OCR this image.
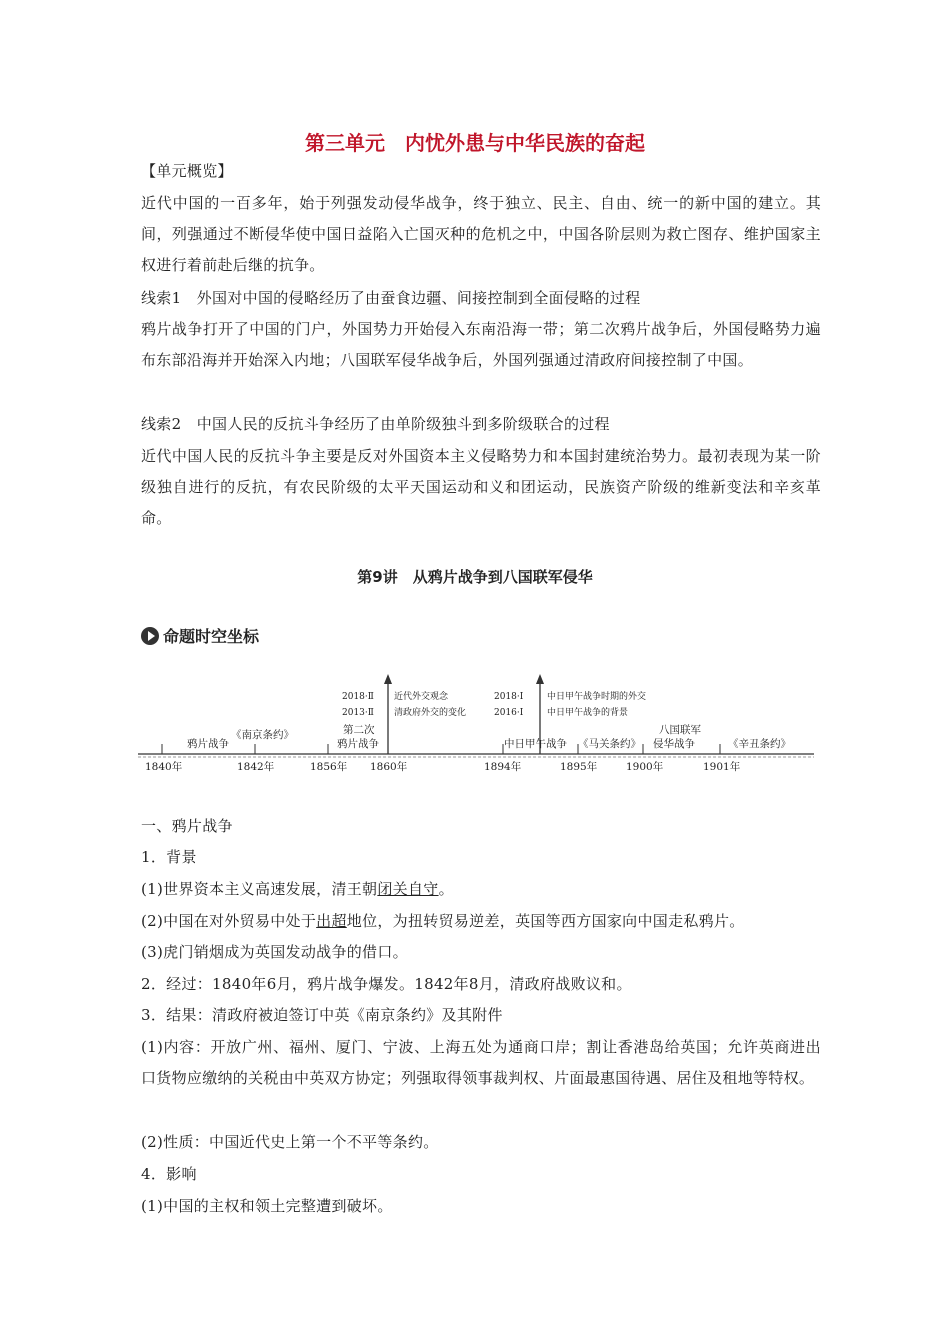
第三单元　内忧外患与中华民族的奋起

【单元概览】

近代中国的一百多年，始于列强发动侵华战争，终于独立、民主、自由、统一的新中国的建立。其间，列强通过不断侵华使中国日益陷入亡国灭种的危机之中，中国各阶层则为救亡图存、维护国家主权进行着前赴后继的抗争。

线索1　外国对中国的侵略经历了由蚕食边疆、间接控制到全面侵略的过程

鸦片战争打开了中国的门户，外国势力开始侵入东南沿海一带；第二次鸦片战争后，外国侵略势力遍布东部沿海并开始深入内地；八国联军侵华战争后，外国列强通过清政府间接控制了中国。

线索2　中国人民的反抗斗争经历了由单阶级独斗到多阶级联合的过程

近代中国人民的反抗斗争主要是反对外国资本主义侵略势力和本国封建统治势力。最初表现为某一阶级独自进行的反抗，有农民阶级的太平天国运动和义和团运动，民族资产阶级的维新变法和辛亥革命。

第9讲　从鸦片战争到八国联军侵华
命题时空坐标
1840年	1842年	1856年 1860年	1894年	1895年	1900年	1901年
鸦片战争
《南京条约》	第二次
鸦片战争	中日甲午战争 《马关条约》
八国联军
侵华战争	《辛丑条约》
2018·Ⅱ
2013·Ⅱ
近代外交观念
清政府外交的变化
2018·Ⅰ
2016·Ⅰ
中日甲午战争时期的外交
中日甲午战争的背景

一、鸦片战争

1．背景

(1)世界资本主义高速发展，清王朝闭关自守。

(2)中国在对外贸易中处于出超地位，为扭转贸易逆差，英国等西方国家向中国走私鸦片。

(3)虎门销烟成为英国发动战争的借口。

2．经过：1840年6月，鸦片战争爆发。1842年8月，清政府战败议和。

3．结果：清政府被迫签订中英《南京条约》及其附件

(1)内容：开放广州、福州、厦门、宁波、上海五处为通商口岸；割让香港岛给英国；允许英商进出口货物应缴纳的关税由中英双方协定；列强取得领事裁判权、片面最惠国待遇、居住及租地等特权。

(2)性质：中国近代史上第一个不平等条约。

4．影响

(1)中国的主权和领土完整遭到破坏。
